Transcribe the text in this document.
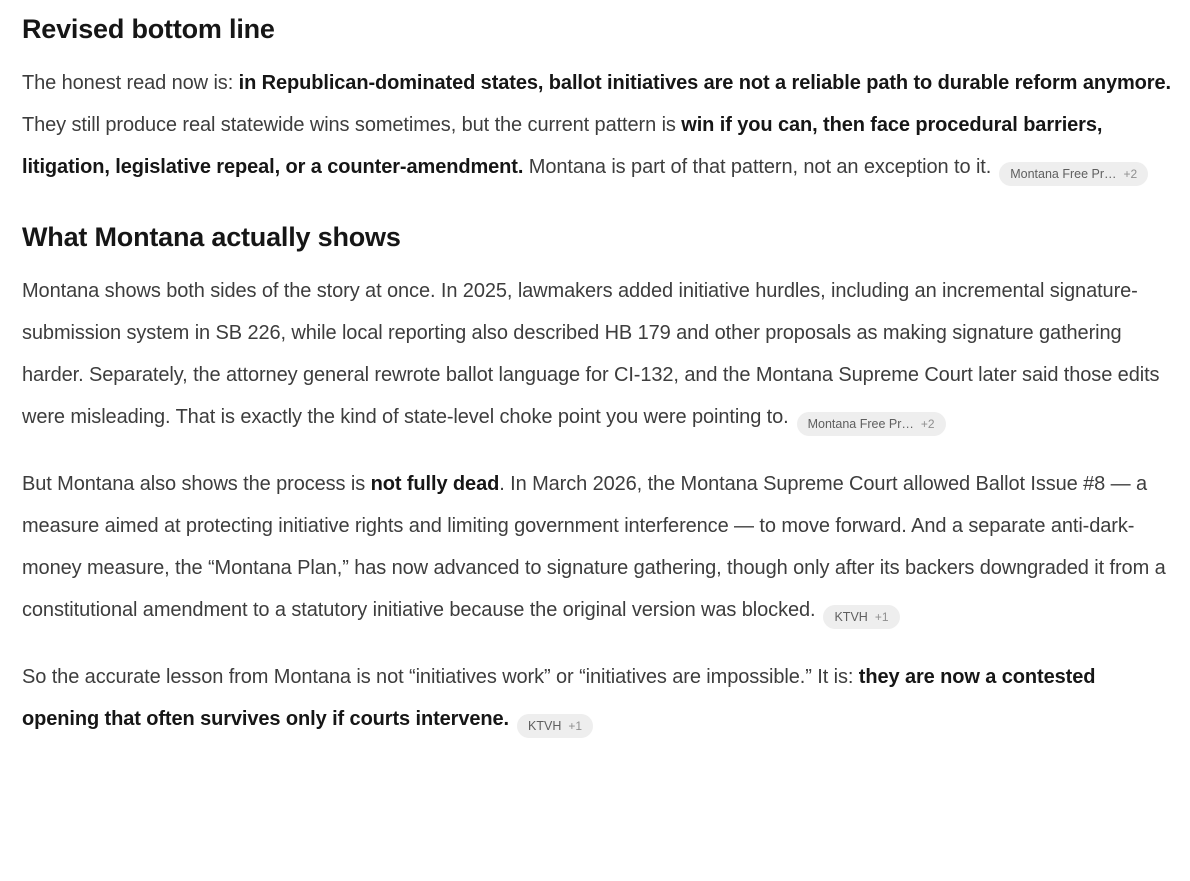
Revised bottom line

The honest read now is: in Republican-dominated states, ballot initiatives are not a reliable path to durable reform anymore. They still produce real statewide wins sometimes, but the current pattern is win if you can, then face procedural barriers, litigation, legislative repeal, or a counter-amendment. Montana is part of that pattern, not an exception to it. Montana Free Pr… +2

What Montana actually shows

Montana shows both sides of the story at once. In 2025, lawmakers added initiative hurdles, including an incremental signature-submission system in SB 226, while local reporting also described HB 179 and other proposals as making signature gathering harder. Separately, the attorney general rewrote ballot language for CI-132, and the Montana Supreme Court later said those edits were misleading. That is exactly the kind of state-level choke point you were pointing to. Montana Free Pr… +2

But Montana also shows the process is not fully dead. In March 2026, the Montana Supreme Court allowed Ballot Issue #8 — a measure aimed at protecting initiative rights and limiting government interference — to move forward. And a separate anti-dark-money measure, the “Montana Plan,” has now advanced to signature gathering, though only after its backers downgraded it from a constitutional amendment to a statutory initiative because the original version was blocked. KTVH +1

So the accurate lesson from Montana is not “initiatives work” or “initiatives are impossible.” It is: they are now a contested opening that often survives only if courts intervene. KTVH +1
